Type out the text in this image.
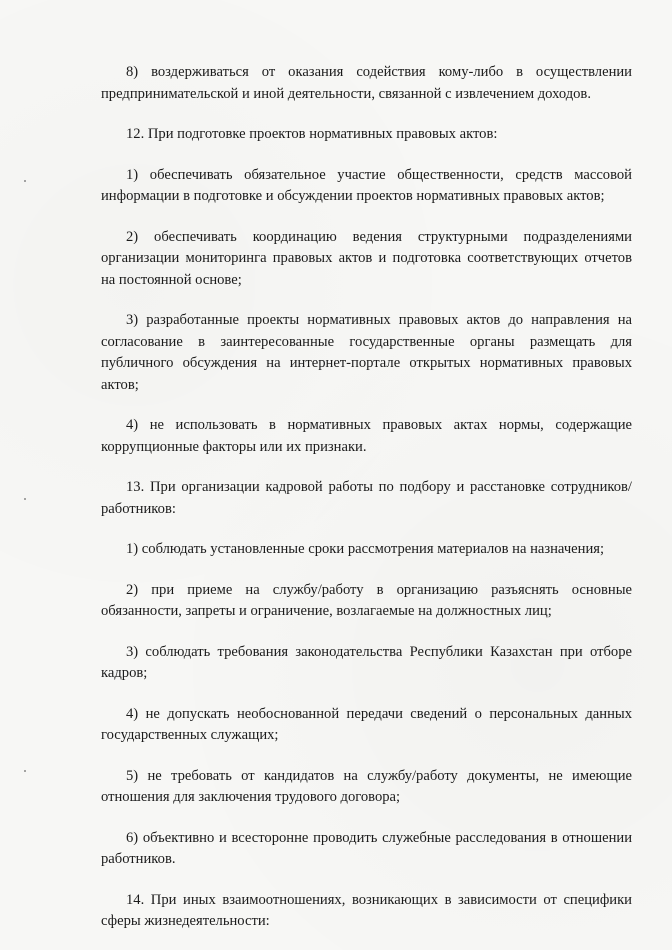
8) воздерживаться от оказания содействия кому-либо в осуществлении предпринимательской и иной деятельности, связанной с извлечением доходов.

12. При подготовке проектов нормативных правовых актов:

1) обеспечивать обязательное участие общественности, средств массовой информации в подготовке и обсуждении проектов нормативных правовых актов;

2) обеспечивать координацию ведения структурными подразделениями организации мониторинга правовых актов и подготовка соответствующих отчетов на постоянной основе;

3) разработанные проекты нормативных правовых актов до направления на согласование в заинтересованные государственные органы размещать для публичного обсуждения на интернет-портале открытых нормативных правовых актов;

4) не использовать в нормативных правовых актах нормы, содержащие коррупционные факторы или их признаки.

13. При организации кадровой работы по подбору и расстановке сотрудников/работников:

1) соблюдать установленные сроки рассмотрения материалов на назначения;

2) при приеме на службу/работу в организацию разъяснять основные обязанности, запреты и ограничение, возлагаемые на должностных лиц;

3) соблюдать требования законодательства Республики Казахстан при отборе кадров;

4) не допускать необоснованной передачи сведений о персональных данных государственных служащих;

5) не требовать от кандидатов на службу/работу документы, не имеющие отношения для заключения трудового договора;

6) объективно и всесторонне проводить служебные расследования в отношении работников.

14. При иных взаимоотношениях, возникающих в зависимости от специфики сферы жизнедеятельности:
